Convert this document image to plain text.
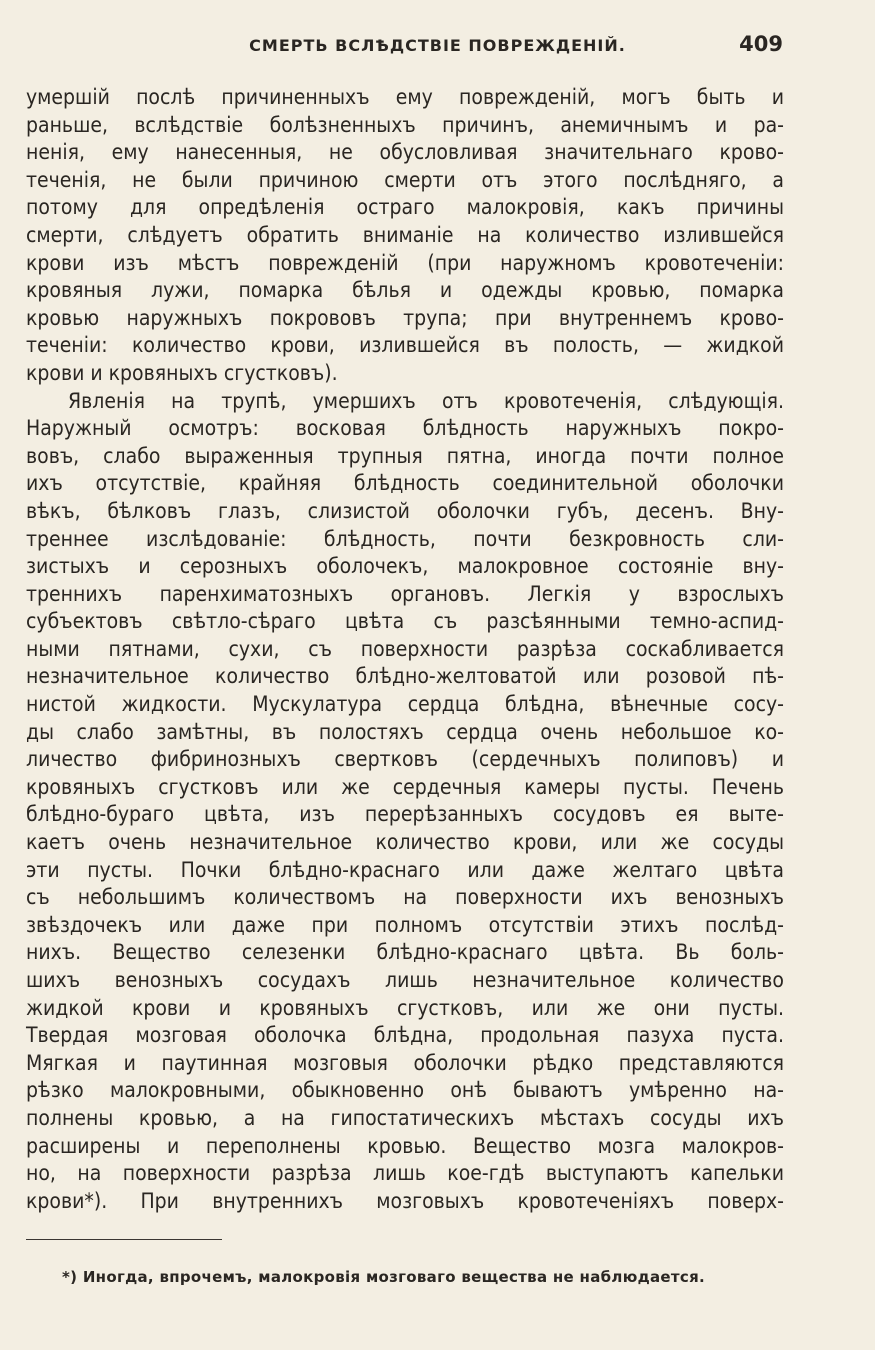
СМЕРТЬ ВСЛѢДСТВІЕ ПОВРЕЖДЕНІЙ.	409
умершій послѣ причиненныхъ ему поврежденій, могъ быть и
раньше, вслѣдствіе болѣзненныхъ причинъ, анемичнымъ и ра-
ненія, ему нанесенныя, не обусловливая значительнаго крово-
теченія, не были причиною смерти отъ этого послѣдняго, а
потому для опредѣленія остраго малокровія, какъ причины
смерти, слѣдуетъ обратить вниманіе на количество излившейся
крови изъ мѣстъ поврежденій (при наружномъ кровотеченіи:
кровяныя лужи, помарка бѣлья и одежды кровью, помарка
кровью наружныхъ покрововъ трупа; при внутреннемъ крово-
теченіи: количество крови, излившейся въ полость, — жидкой
крови и кровяныхъ сгустковъ).
Явленія на трупѣ, умершихъ отъ кровотеченія, слѣдующія.
Наружный осмотръ: восковая блѣдность наружныхъ покро-
вовъ, слабо выраженныя трупныя пятна, иногда почти полное
ихъ отсутствіе, крайняя блѣдность соединительной оболочки
вѣкъ, бѣлковъ глазъ, слизистой оболочки губъ, десенъ. Вну-
треннее изслѣдованіе: блѣдность, почти безкровность сли-
зистыхъ и серозныхъ оболочекъ, малокровное состояніе вну-
треннихъ паренхиматозныхъ органовъ. Легкія у взрослыхъ
субъектовъ свѣтло-сѣраго цвѣта съ разсѣянными темно-аспид-
ными пятнами, сухи, съ поверхности разрѣза соскабливается
незначительное количество блѣдно-желтоватой или розовой пѣ-
нистой жидкости. Мускулатура сердца блѣдна, вѣнечные сосу-
ды слабо замѣтны, въ полостяхъ сердца очень небольшое ко-
личество фибринозныхъ свертковъ (сердечныхъ полиповъ) и
кровяныхъ сгустковъ или же сердечныя камеры пусты. Печень
блѣдно-бураго цвѣта, изъ перерѣзанныхъ сосудовъ ея выте-
каетъ очень незначительное количество крови, или же сосуды
эти пусты. Почки блѣдно-краснаго или даже желтаго цвѣта
съ небольшимъ количествомъ на поверхности ихъ венозныхъ
звѣздочекъ или даже при полномъ отсутствіи этихъ послѣд-
нихъ. Вещество селезенки блѣдно-краснаго цвѣта. Вь боль-
шихъ венозныхъ сосудахъ лишь незначительное количество
жидкой крови и кровяныхъ сгустковъ, или же они пусты.
Твердая мозговая оболочка блѣдна, продольная пазуха пуста.
Мягкая и паутинная мозговыя оболочки рѣдко представляются
рѣзко малокровными, обыкновенно онѣ бываютъ умѣренно на-
полнены кровью, а на гипостатическихъ мѣстахъ сосуды ихъ
расширены и переполнены кровью. Вещество мозга малокров-
но, на поверхности разрѣза лишь кое-гдѣ выступаютъ капельки
крови*). При внутреннихъ мозговыхъ кровотеченіяхъ поверх-
*) Иногда, впрочемъ, малокровія мозговаго вещества не наблюдается.
